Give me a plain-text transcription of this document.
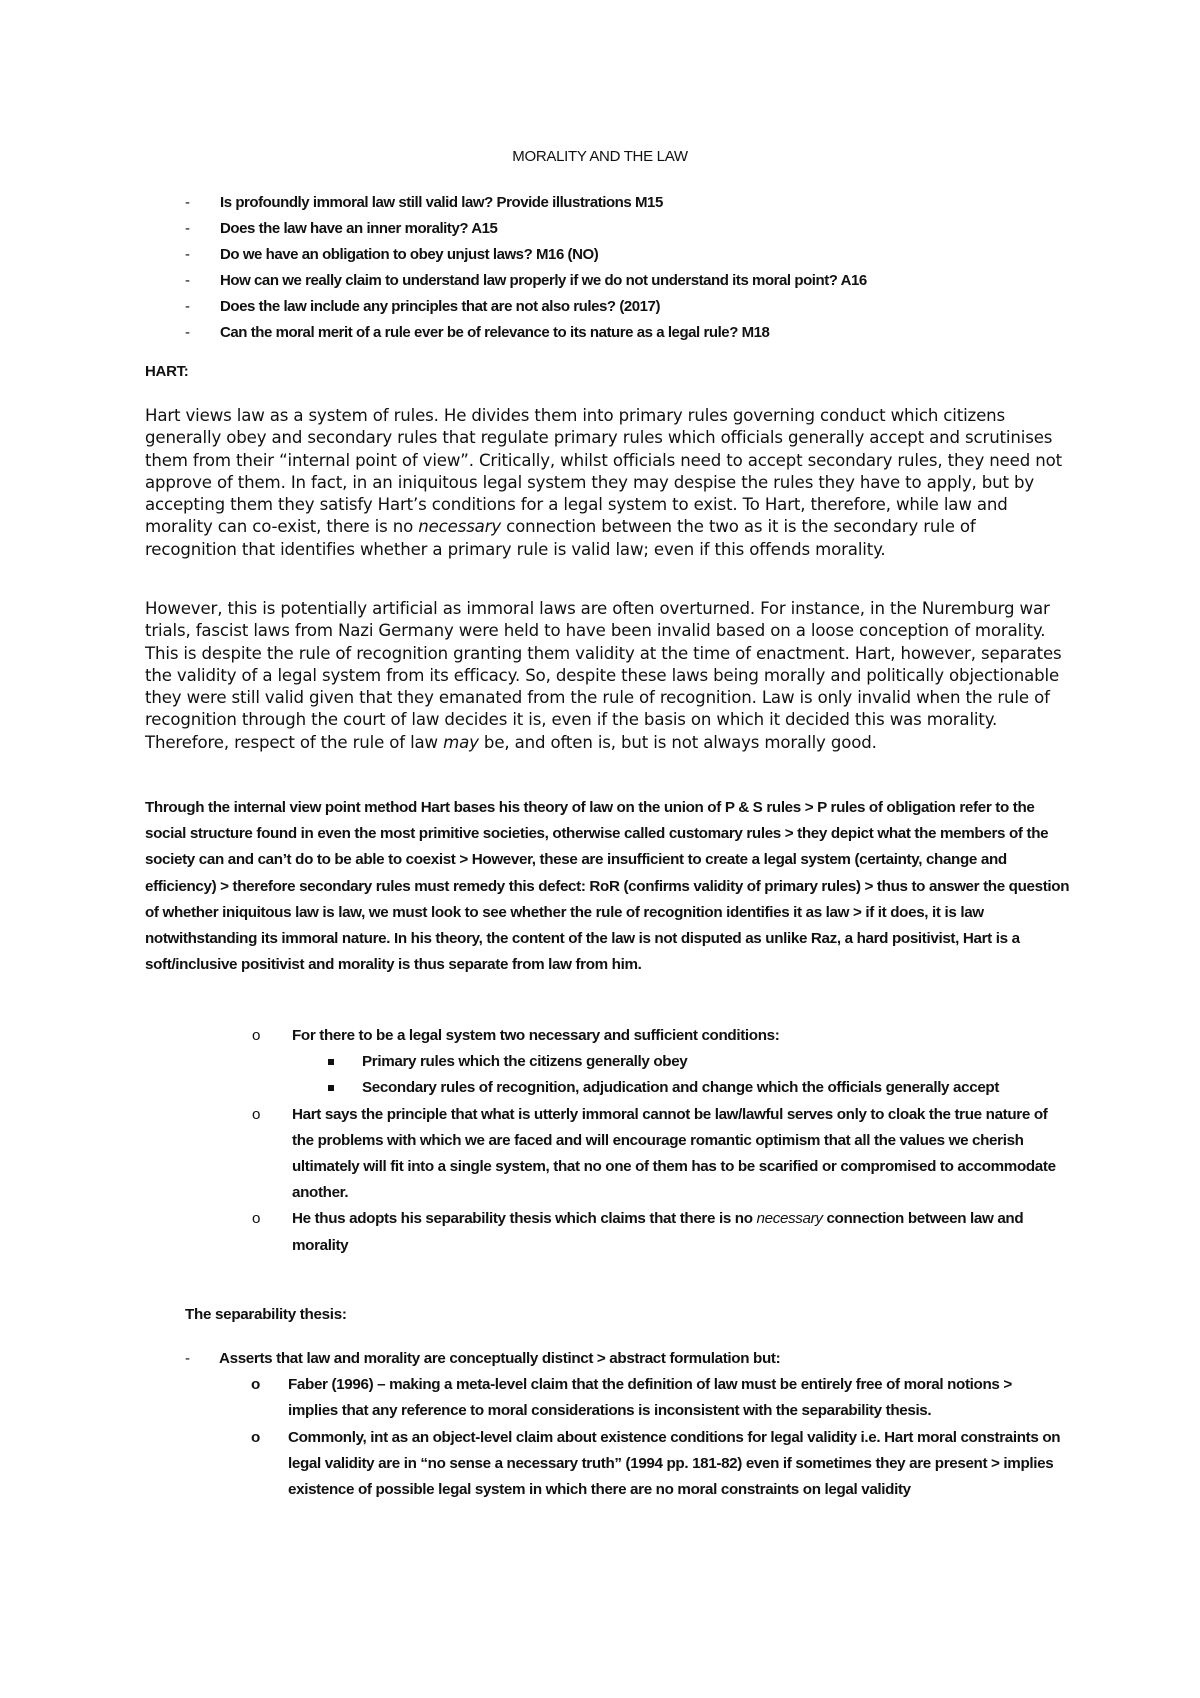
MORALITY AND THE LAW
- Is profoundly immoral law still valid law? Provide illustrations M15
- Does the law have an inner morality? A15
- Do we have an obligation to obey unjust laws? M16 (NO)
- How can we really claim to understand law properly if we do not understand its moral point? A16
- Does the law include any principles that are not also rules? (2017)
- Can the moral merit of a rule ever be of relevance to its nature as a legal rule? M18
HART:

Hart views law as a system of rules. He divides them into primary rules governing conduct which citizens generally obey and secondary rules that regulate primary rules which officials generally accept and scrutinises them from their “internal point of view”. Critically, whilst officials need to accept secondary rules, they need not approve of them. In fact, in an iniquitous legal system they may despise the rules they have to apply, but by accepting them they satisfy Hart’s conditions for a legal system to exist. To Hart, therefore, while law and morality can co-exist, there is no necessary connection between the two as it is the secondary rule of recognition that identifies whether a primary rule is valid law; even if this offends morality.

However, this is potentially artificial as immoral laws are often overturned. For instance, in the Nuremburg war trials, fascist laws from Nazi Germany were held to have been invalid based on a loose conception of morality. This is despite the rule of recognition granting them validity at the time of enactment. Hart, however, separates the validity of a legal system from its efficacy. So, despite these laws being morally and politically objectionable they were still valid given that they emanated from the rule of recognition. Law is only invalid when the rule of recognition through the court of law decides it is, even if the basis on which it decided this was morality. Therefore, respect of the rule of law may be, and often is, but is not always morally good.

Through the internal view point method Hart bases his theory of law on the union of P & S rules > P rules of obligation refer to the social structure found in even the most primitive societies, otherwise called customary rules > they depict what the members of the society can and can’t do to be able to coexist > However, these are insufficient to create a legal system (certainty, change and efficiency) > therefore secondary rules must remedy this defect: RoR (confirms validity of primary rules) > thus to answer the question of whether iniquitous law is law, we must look to see whether the rule of recognition identifies it as law > if it does, it is law notwithstanding its immoral nature. In his theory, the content of the law is not disputed as unlike Raz, a hard positivist, Hart is a soft/inclusive positivist and morality is thus separate from law from him.

o For there to be a legal system two necessary and sufficient conditions:
Primary rules which the citizens generally obey
Secondary rules of recognition, adjudication and change which the officials generally accept
o Hart says the principle that what is utterly immoral cannot be law/lawful serves only to cloak the true nature of the problems with which we are faced and will encourage romantic optimism that all the values we cherish ultimately will fit into a single system, that no one of them has to be scarified or compromised to accommodate another.
o He thus adopts his separability thesis which claims that there is no necessary connection between law and morality
The separability thesis:
- Asserts that law and morality are conceptually distinct > abstract formulation but:
o Faber (1996) – making a meta-level claim that the definition of law must be entirely free of moral notions > implies that any reference to moral considerations is inconsistent with the separability thesis.
o Commonly, int as an object-level claim about existence conditions for legal validity i.e. Hart moral constraints on legal validity are in “no sense a necessary truth” (1994 pp. 181-82) even if sometimes they are present > implies existence of possible legal system in which there are no moral constraints on legal validity
